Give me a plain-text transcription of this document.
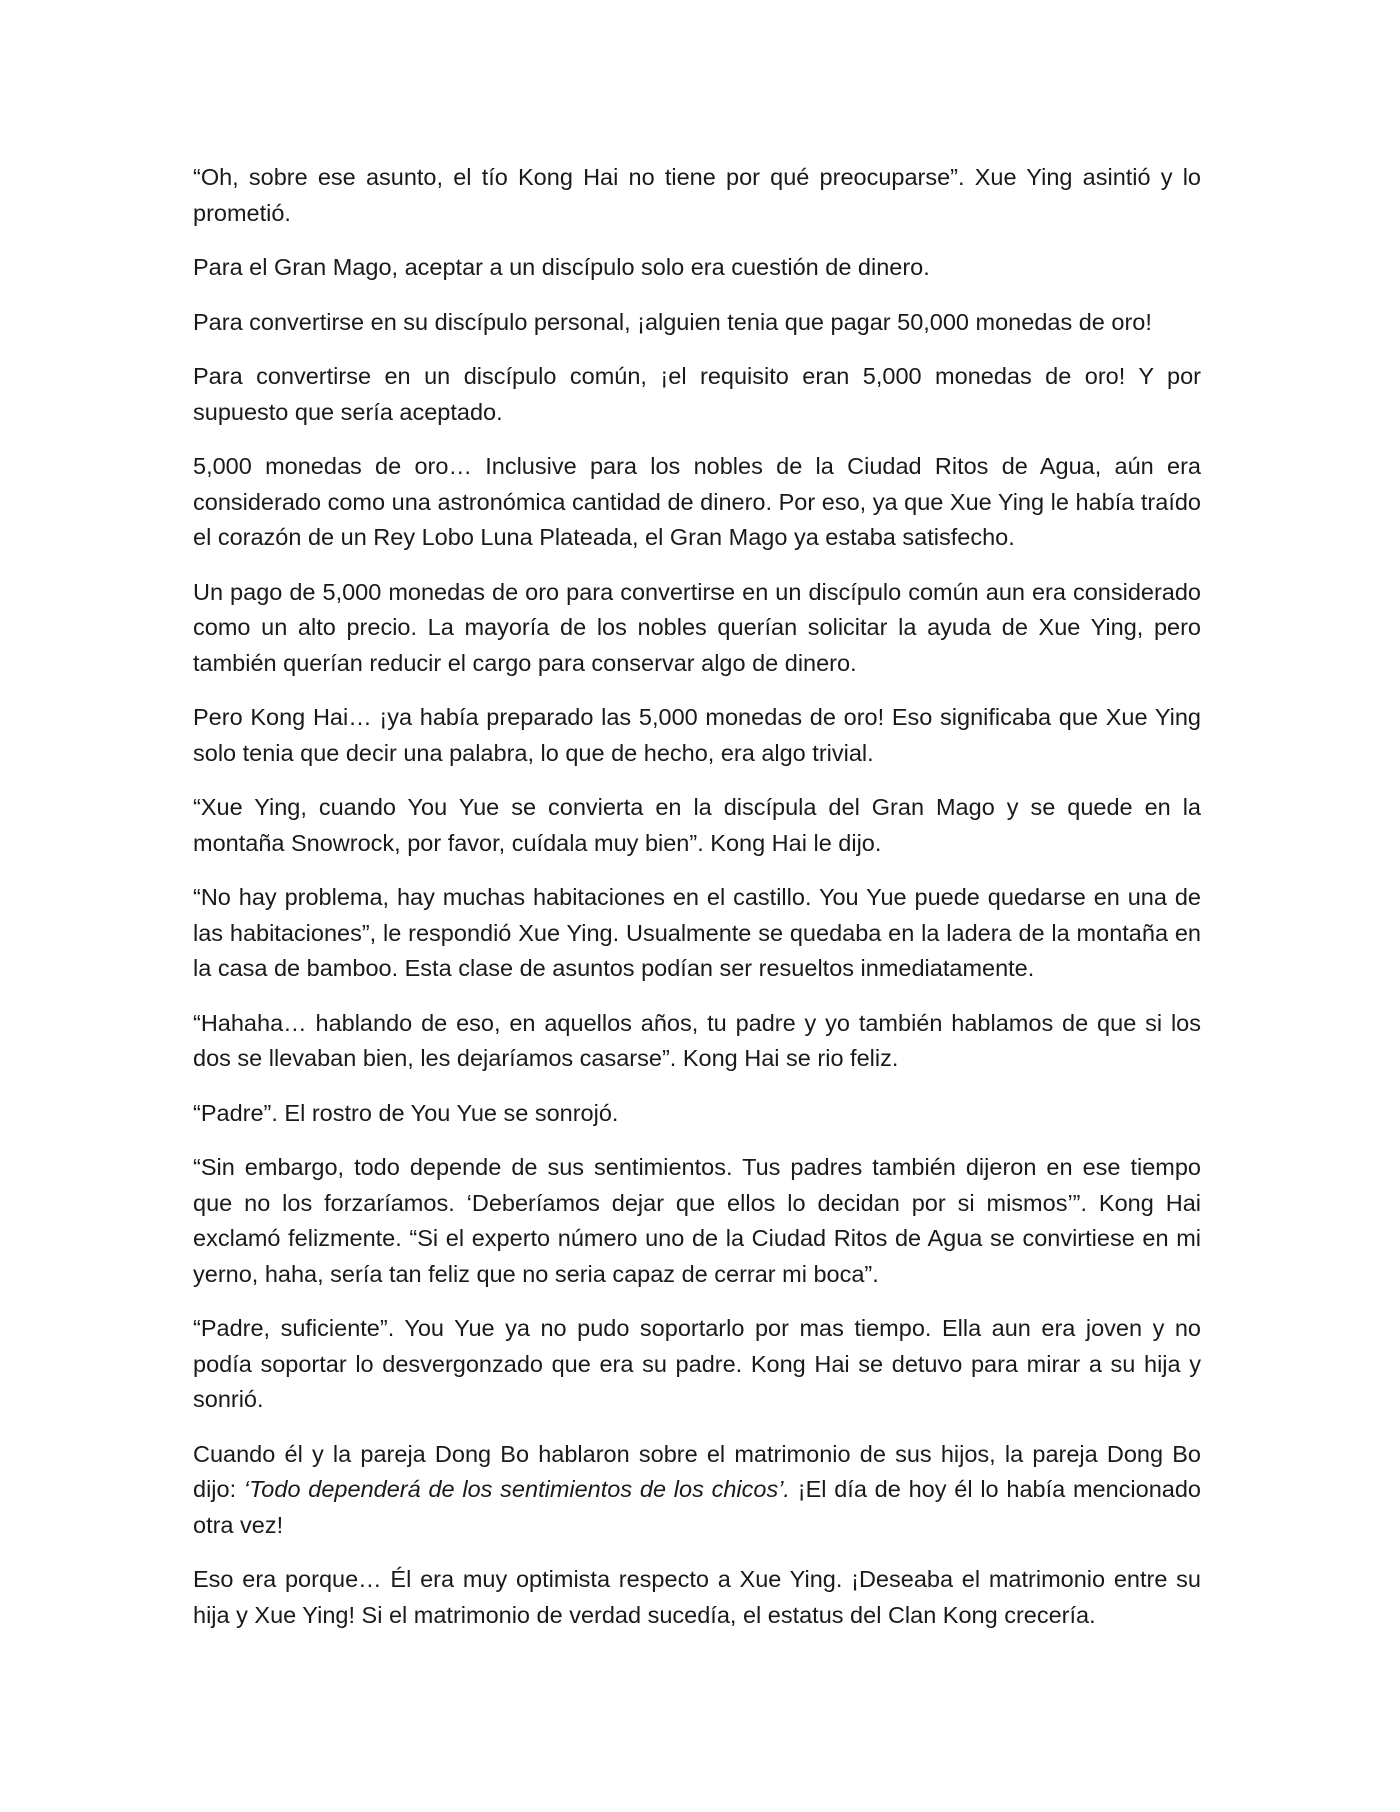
“Oh, sobre ese asunto, el tío Kong Hai no tiene por qué preocuparse”. Xue Ying asintió y lo prometió.

Para el Gran Mago, aceptar a un discípulo solo era cuestión de dinero.

Para convertirse en su discípulo personal, ¡alguien tenia que pagar 50,000 monedas de oro!

Para convertirse en un discípulo común, ¡el requisito eran 5,000 monedas de oro! Y por supuesto que sería aceptado.

5,000 monedas de oro… Inclusive para los nobles de la Ciudad Ritos de Agua, aún era considerado como una astronómica cantidad de dinero. Por eso, ya que Xue Ying le había traído el corazón de un Rey Lobo Luna Plateada, el Gran Mago ya estaba satisfecho.

Un pago de 5,000 monedas de oro para convertirse en un discípulo común aun era considerado como un alto precio. La mayoría de los nobles querían solicitar la ayuda de Xue Ying, pero también querían reducir el cargo para conservar algo de dinero.

Pero Kong Hai… ¡ya había preparado las 5,000 monedas de oro! Eso significaba que Xue Ying solo tenia que decir una palabra, lo que de hecho, era algo trivial.

“Xue Ying, cuando You Yue se convierta en la discípula del Gran Mago y se quede en la montaña Snowrock, por favor, cuídala muy bien”. Kong Hai le dijo.

“No hay problema, hay muchas habitaciones en el castillo. You Yue puede quedarse en una de las habitaciones”, le respondió Xue Ying. Usualmente se quedaba en la ladera de la montaña en la casa de bamboo. Esta clase de asuntos podían ser resueltos inmediatamente.

“Hahaha… hablando de eso, en aquellos años, tu padre y yo también hablamos de que si los dos se llevaban bien, les dejaríamos casarse”. Kong Hai se rio feliz.

“Padre”. El rostro de You Yue se sonrojó.

“Sin embargo, todo depende de sus sentimientos. Tus padres también dijeron en ese tiempo que no los forzaríamos. ‘Deberíamos dejar que ellos lo decidan por si mismos’”. Kong Hai exclamó felizmente. “Si el experto número uno de la Ciudad Ritos de Agua se convirtiese en mi yerno, haha, sería tan feliz que no seria capaz de cerrar mi boca”.

“Padre, suficiente”. You Yue ya no pudo soportarlo por mas tiempo. Ella aun era joven y no podía soportar lo desvergonzado que era su padre. Kong Hai se detuvo para mirar a su hija y sonrió.

Cuando él y la pareja Dong Bo hablaron sobre el matrimonio de sus hijos, la pareja Dong Bo dijo: ‘Todo dependerá de los sentimientos de los chicos’. ¡El día de hoy él lo había mencionado otra vez!

Eso era porque… Él era muy optimista respecto a Xue Ying. ¡Deseaba el matrimonio entre su hija y Xue Ying! Si el matrimonio de verdad sucedía, el estatus del Clan Kong crecería.
